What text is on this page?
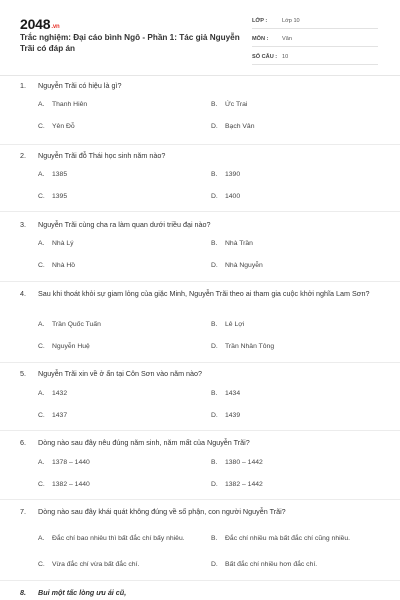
2048.vn
Trắc nghiệm: Đại cáo bình Ngô - Phần 1: Tác giả Nguyễn Trãi có đáp án
LỚP :	Lớp 10
MÔN :	Văn
SỐ CÂU : 10
1.	Nguyễn Trãi có hiệu là gì?
A.	Thanh Hiên	B.	Ức Trai
C.	Yên Đỗ	D.	Bạch Vân
2.	Nguyễn Trãi đỗ Thái học sinh năm nào?
A.	1385	B.	1390
C.	1395	D.	1400
3.	Nguyễn Trãi cùng cha ra làm quan dưới triều đại nào?
A.	Nhà Lý	B.	Nhà Trần
C.	Nhà Hồ	D.	Nhà Nguyễn
4.	Sau khi thoát khỏi sự giam lỏng của giặc Minh, Nguyễn Trãi theo ai tham gia cuộc khởi nghĩa Lam Sơn?
A.	Trần Quốc Tuấn	B.	Lê Lợi
C.	Nguyễn Huệ	D.	Trần Nhân Tông
5.	Nguyễn Trãi xin về ở ẩn tại Côn Sơn vào năm nào?
A.	1432	B.	1434
C.	1437	D.	1439
6.	Dòng nào sau đây nêu đúng năm sinh, năm mất của Nguyễn Trãi?
A.	1378 – 1440	B.	1380 – 1442
C.	1382 – 1440	D.	1382 – 1442
7.	Dòng nào sau đây khái quát không đúng về số phận, con người Nguyễn Trãi?
A.	Đắc chí bao nhiêu thì bất đắc chí bấy nhiêu.	B.	Đắc chí nhiều mà bất đắc chí cũng nhiều.
C.	Vừa đắc chí vừa bất đắc chí.	D.	Bất đắc chí nhiều hơn đắc chí.
8.	Bui một tấc lòng ưu ái cũ,
